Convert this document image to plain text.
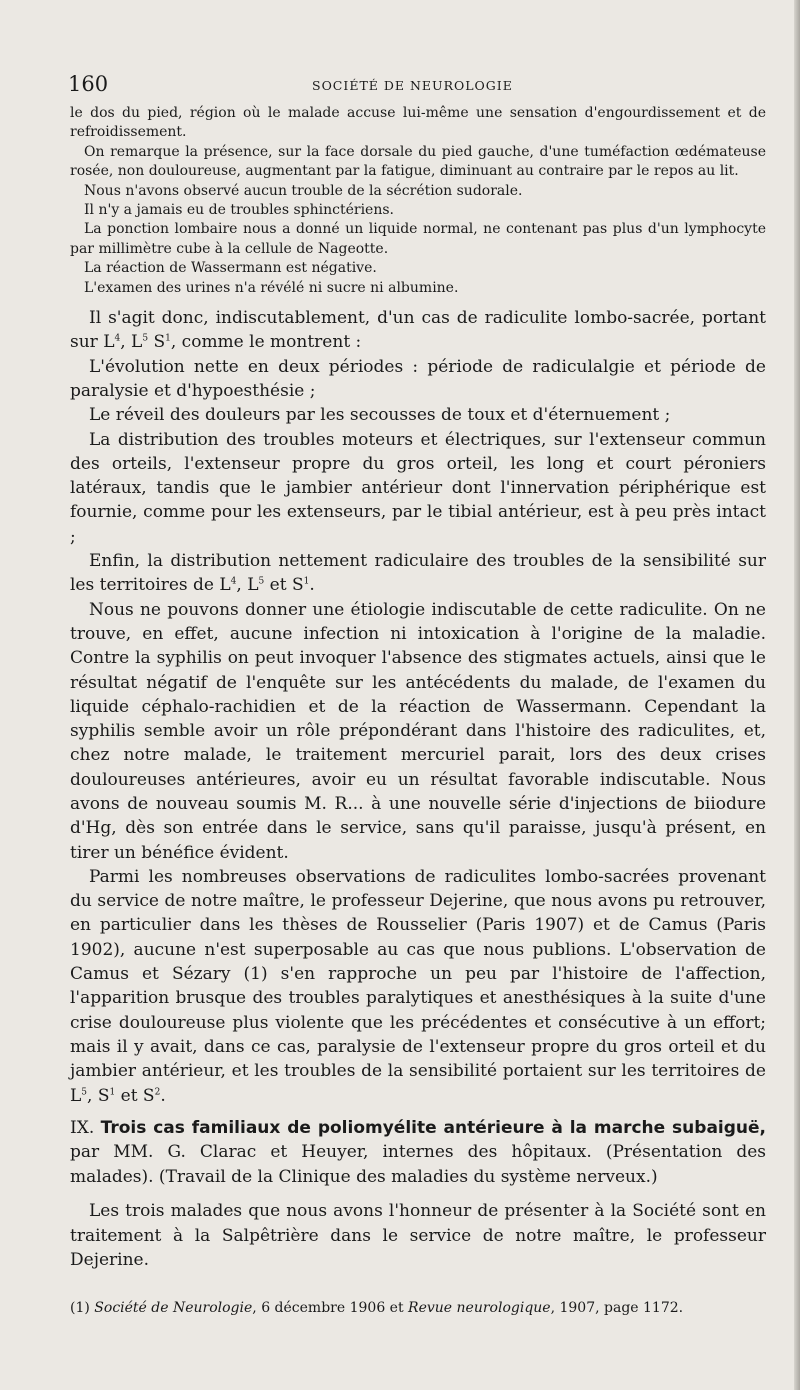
160	SOCIÉTÉ DE NEUROLOGIE

le dos du pied, région où le malade accuse lui-même une sensation d'engourdissement et de refroidissement.

On remarque la présence, sur la face dorsale du pied gauche, d'une tuméfaction œdémateuse rosée, non douloureuse, augmentant par la fatigue, diminuant au contraire par le repos au lit.

Nous n'avons observé aucun trouble de la sécrétion sudorale.

Il n'y a jamais eu de troubles sphinctériens.

La ponction lombaire nous a donné un liquide normal, ne contenant pas plus d'un lymphocyte par millimètre cube à la cellule de Nageotte.

La réaction de Wassermann est négative.

L'examen des urines n'a révélé ni sucre ni albumine.

Il s'agit donc, indiscutablement, d'un cas de radiculite lombo-sacrée, portant sur $L^4$, $L^5$ $S^1$, comme le montrent :

L'évolution nette en deux périodes : période de radiculalgie et période de paralysie et d'hypoesthésie ;

Le réveil des douleurs par les secousses de toux et d'éternuement ;

La distribution des troubles moteurs et électriques, sur l'extenseur commun des orteils, l'extenseur propre du gros orteil, les long et court péroniers latéraux, tandis que le jambier antérieur dont l'innervation périphérique est fournie, comme pour les extenseurs, par le tibial antérieur, est à peu près intact ;

Enfin, la distribution nettement radiculaire des troubles de la sensibilité sur les territoires de $L^4$, $L^5$ et $S^1$.

Nous ne pouvons donner une étiologie indiscutable de cette radiculite. On ne trouve, en effet, aucune infection ni intoxication à l'origine de la maladie. Contre la syphilis on peut invoquer l'absence des stigmates actuels, ainsi que le résultat négatif de l'enquête sur les antécédents du malade, de l'examen du liquide céphalo-rachidien et de la réaction de Wassermann. Cependant la syphilis semble avoir un rôle prépondérant dans l'histoire des radiculites, et, chez notre malade, le traitement mercuriel parait, lors des deux crises douloureuses antérieures, avoir eu un résultat favorable indiscutable. Nous avons de nouveau soumis M. R... à une nouvelle série d'injections de biiodure d'Hg, dès son entrée dans le service, sans qu'il paraisse, jusqu'à présent, en tirer un bénéfice évident.

Parmi les nombreuses observations de radiculites lombo-sacrées provenant du service de notre maître, le professeur Dejerine, que nous avons pu retrouver, en particulier dans les thèses de Rousselier (Paris 1907) et de Camus (Paris 1902), aucune n'est superposable au cas que nous publions. L'observation de Camus et Sézary (1) s'en rapproche un peu par l'histoire de l'affection, l'apparition brusque des troubles paralytiques et anesthésiques à la suite d'une crise douloureuse plus violente que les précédentes et consécutive à un effort; mais il y avait, dans ce cas, paralysie de l'extenseur propre du gros orteil et du jambier antérieur, et les troubles de la sensibilité portaient sur les territoires de $L^5$, $S^1$ et $S^2$.

IX. Trois cas familiaux de poliomyélite antérieure à la marche subaiguë, par MM. G. Clarac et Heuyer, internes des hôpitaux. (Présentation des malades). (Travail de la Clinique des maladies du système nerveux.)

Les trois malades que nous avons l'honneur de présenter à la Société sont en traitement à la Salpêtrière dans le service de notre maître, le professeur Dejerine.

(1) Société de Neurologie, 6 décembre 1906 et Revue neurologique, 1907, page 1172.
